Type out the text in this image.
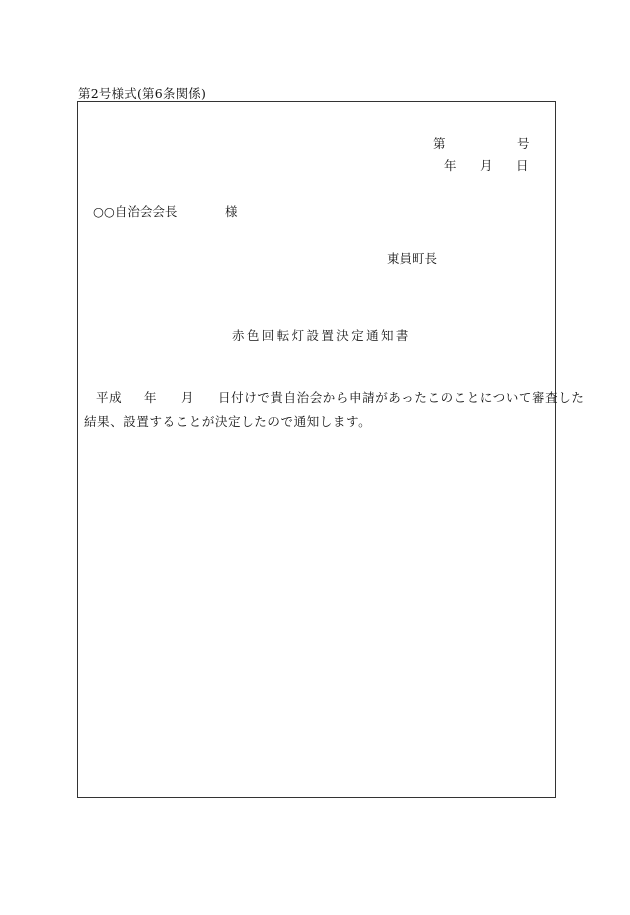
第2号様式(第6条関係)
第	号
年 月 日
○○自治会会長	様
東員町長
赤色回転灯設置決定通知書
平成 年 月 日付けで貴自治会から申請があったこのことについて審査した
結果、設置することが決定したので通知します。
